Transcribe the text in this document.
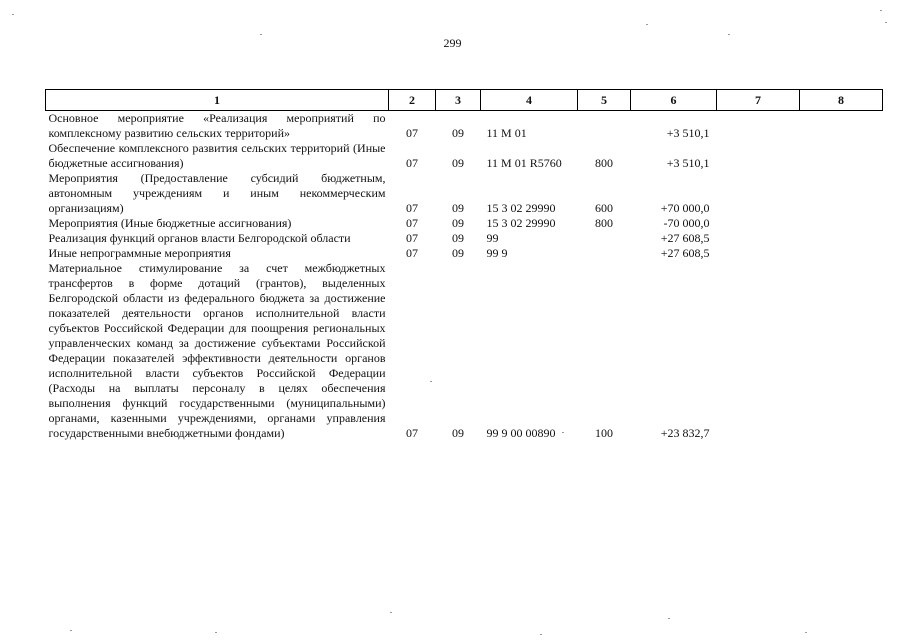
299
1	2	3	4	5	6	7	8
Основное мероприятие «Реализация мероприятий по комплексному развитию сельских территорий»	07	09	11 М 01		+3 510,1		
Обеспечение комплексного развития сельских территорий (Иные бюджетные ассигнования)	07	09	11 М 01 R5760	800	+3 510,1		
Мероприятия (Предоставление субсидий бюджетным, автономным учреждениям и иным некоммерческим организациям)	07	09	15 3 02 29990	600	+70 000,0		
Мероприятия (Иные бюджетные ассигнования)	07	09	15 3 02 29990	800	-70 000,0		
Реализация функций органов власти Белгородской области	07	09	99		+27 608,5		
Иные непрограммные мероприятия	07	09	99 9		+27 608,5		
Материальное стимулирование за счет межбюджетных трансфертов в форме дотаций (грантов), выделенных Белгородской области из федерального бюджета за достижение показателей деятельности органов исполнительной власти субъектов Российской Федерации для поощрения региональных управленческих команд за достижение субъектами Российской Федерации показателей эффективности деятельности органов исполнительной власти субъектов Российской Федерации (Расходы на выплаты персоналу в целях обеспечения выполнения функций государственными (муниципальными) органами, казенными учреждениями, органами управления государственными внебюджетными фондами)	07	09	99 9 00 00890	100	+23 832,7		
